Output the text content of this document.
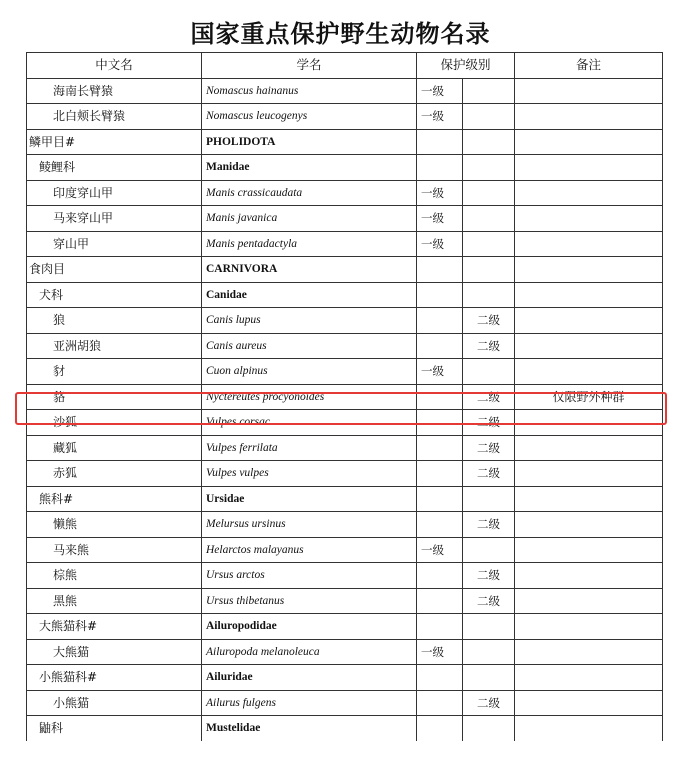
国家重点保护野生动物名录
中文名	学名	保护级别		备注
海南长臂猿	Nomascus hainanus	一级		
北白颊长臂猿	Nomascus leucogenys	一级		
鳞甲目#	PHOLIDOTA			
鲮鲤科	Manidae			
印度穿山甲	Manis crassicaudata	一级		
马来穿山甲	Manis javanica	一级		
穿山甲	Manis pentadactyla	一级		
食肉目	CARNIVORA			
犬科	Canidae			
狼	Canis lupus		二级	
亚洲胡狼	Canis aureus		二级	
豺	Cuon alpinus	一级		
貉	Nyctereutes procyonoides		二级	仅限野外种群
沙狐	Vulpes corsac		二级	
藏狐	Vulpes ferrilata		二级	
赤狐	Vulpes vulpes		二级	
熊科#	Ursidae			
懒熊	Melursus ursinus		二级	
马来熊	Helarctos malayanus	一级		
棕熊	Ursus arctos		二级	
黑熊	Ursus thibetanus		二级	
大熊猫科#	Ailuropodidae			
大熊猫	Ailuropoda melanoleuca	一级		
小熊猫科#	Ailuridae			
小熊猫	Ailurus fulgens		二级	
鼬科	Mustelidae			
